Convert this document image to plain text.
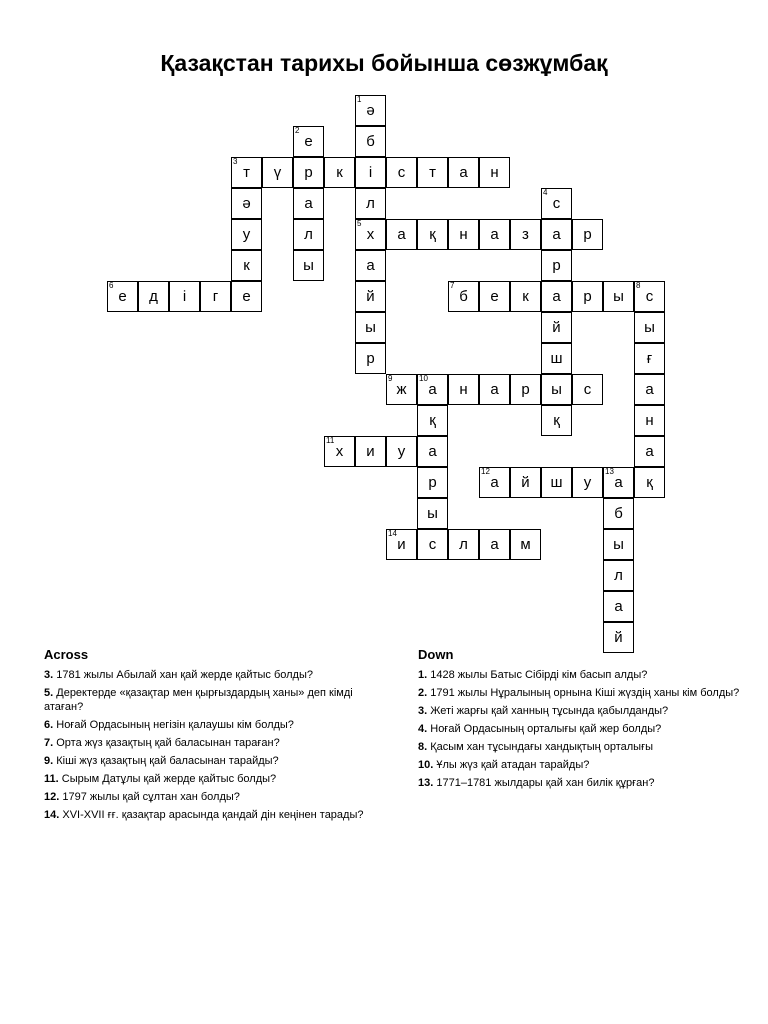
Қазақстан тарихы бойынша сөзжұмбақ
1
ә
2
е	б
3
т	ү	р	к	і	с	т	а	н
ә	а	л
4
с
у	л
5
х	а	қ	н	а	з	а	р
к	ы	а	р
6
е	д	і	г	е	й
7
б	е	к	а	р	ы
8
с
ы	й	ы
р	ш	ғ
9
ж
10
а	н	а	р	ы	с	а
қ	қ	н
11
х	и	у	а	а
р
12
а	й	ш	у
13
а	қ
ы	б
14
и	с	л	а	м	ы
л
а
й
Across
3. 1781 жылы Абылай хан қай жерде қайтыс болды?
5. Деректерде «қазақтар мен қырғыздардың ханы» деп кімді атаған?
6. Ноғай Ордасының негізін қалаушы кім болды?
7. Орта жүз қазақтың қай баласынан тараған?
9. Кіші жүз қазақтың қай баласынан тарайды?
11. Сырым Датұлы қай жерде қайтыс болды?
12. 1797 жылы қай сұлтан хан болды?
14. XVI-XVII ғғ. қазақтар арасында қандай дін кеңінен тарады?
Down
1. 1428 жылы Батыс Сібірді кім басып алды?
2. 1791 жылы Нұралының орнына Кіші жүздің ханы кім болды?
3. Жеті жарғы қай ханның тұсында қабылданды?
4. Ноғай Ордасының орталығы қай жер болды?
8. Қасым хан тұсындағы хандықтың орталығы
10. Ұлы жүз қай атадан тарайды?
13. 1771–1781 жылдары қай хан билік құрған?
